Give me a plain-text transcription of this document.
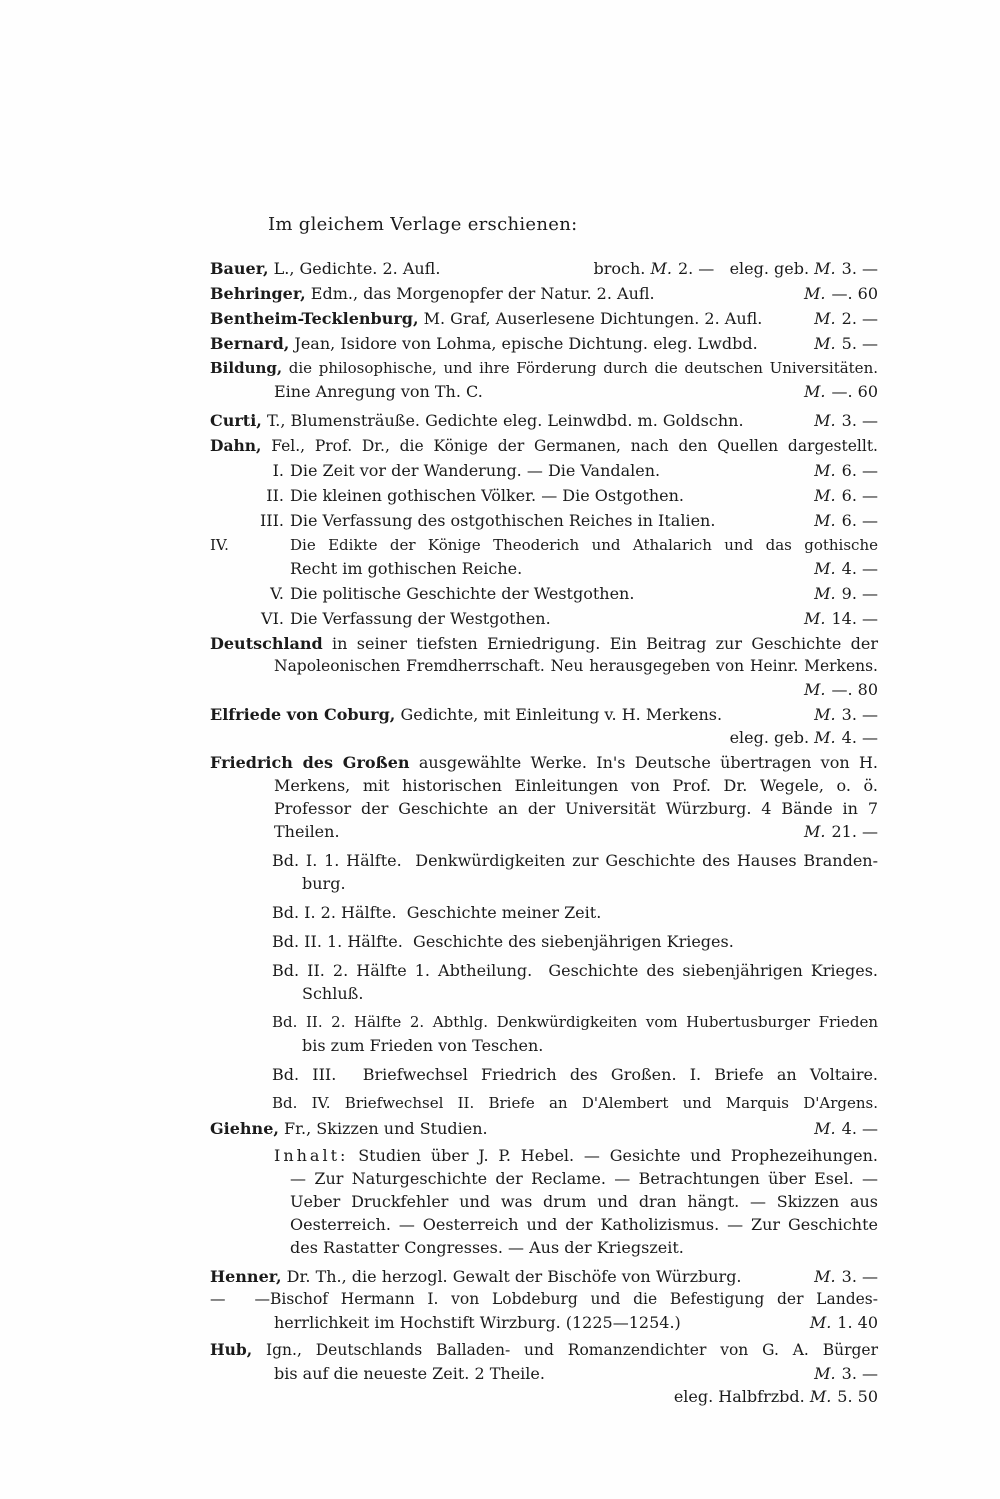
Im gleichem Verlage erschienen:
Bauer, L., Gedichte. 2. Aufl.	broch. M. 2. — eleg. geb. M. 3. —
Behringer, Edm., das Morgenopfer der Natur. 2. Aufl.	M. —. 60
Bentheim-Tecklenburg, M. Graf, Auserlesene Dichtungen. 2. Aufl.	M. 2. —
Bernard, Jean, Isidore von Lohma, epische Dichtung. eleg. Lwdbd.	M. 5. —
Bildung, die philosophische, und ihre Förderung durch die deutschen Universitäten.
Eine Anregung von Th. C.	M. —. 60
Curti, T., Blumensträuße. Gedichte eleg. Leinwdbd. m. Goldschn.	M. 3. —
Dahn, Fel., Prof. Dr., die Könige der Germanen, nach den Quellen dargestellt.
I. Die Zeit vor der Wanderung. — Die Vandalen.	M. 6. —
II. Die kleinen gothischen Völker. — Die Ostgothen.	M. 6. —
III. Die Verfassung des ostgothischen Reiches in Italien.	M. 6. —
IV.	Die Edikte der Könige Theoderich und Athalarich und das gothische
Recht im gothischen Reiche.	M. 4. —
V. Die politische Geschichte der Westgothen.	M. 9. —
VI. Die Verfassung der Westgothen.	M. 14. —
Deutschland in seiner tiefsten Erniedrigung. Ein Beitrag zur Geschichte der
Napoleonischen Fremdherrschaft. Neu herausgegeben von Heinr. Merkens.
M. —. 80
Elfriede von Coburg, Gedichte, mit Einleitung v. H. Merkens.	M. 3. —
eleg. geb. M. 4. —
Friedrich des Großen ausgewählte Werke. In's Deutsche übertragen von H.
Merkens, mit historischen Einleitungen von Prof. Dr. Wegele, o. ö.
Professor der Geschichte an der Universität Würzburg. 4 Bände in 7
Theilen.	M. 21. —
Bd. I. 1. Hälfte. Denkwürdigkeiten zur Geschichte des Hauses Branden-
burg.
Bd. I. 2. Hälfte. Geschichte meiner Zeit.
Bd. II. 1. Hälfte. Geschichte des siebenjährigen Krieges.
Bd. II. 2. Hälfte 1. Abtheilung. Geschichte des siebenjährigen Krieges.
Schluß.
Bd. II. 2. Hälfte 2. Abthlg. Denkwürdigkeiten vom Hubertusburger Frieden
bis zum Frieden von Teschen.
Bd. III. Briefwechsel Friedrich des Großen. I. Briefe an Voltaire.
Bd. IV. Briefwechsel II. Briefe an D'Alembert und Marquis D'Argens.
Giehne, Fr., Skizzen und Studien.	M. 4. —
Inhalt: Studien über J. P. Hebel. — Gesichte und Prophezeihungen.
— Zur Naturgeschichte der Reclame. — Betrachtungen über Esel. —
Ueber Druckfehler und was drum und dran hängt. — Skizzen aus
Oesterreich. — Oesterreich und der Katholizismus. — Zur Geschichte
des Rastatter Congresses. — Aus der Kriegszeit.
Henner, Dr. Th., die herzogl. Gewalt der Bischöfe von Würzburg.	M. 3. —
— —Bischof Hermann I. von Lobdeburg und die Befestigung der Landes-
herrlichkeit im Hochstift Wirzburg. (1225—1254.)	M. 1. 40
Hub, Ign., Deutschlands Balladen- und Romanzendichter von G. A. Bürger
bis auf die neueste Zeit. 2 Theile.	M. 3. —
eleg. Halbfrzbd. M. 5. 50
